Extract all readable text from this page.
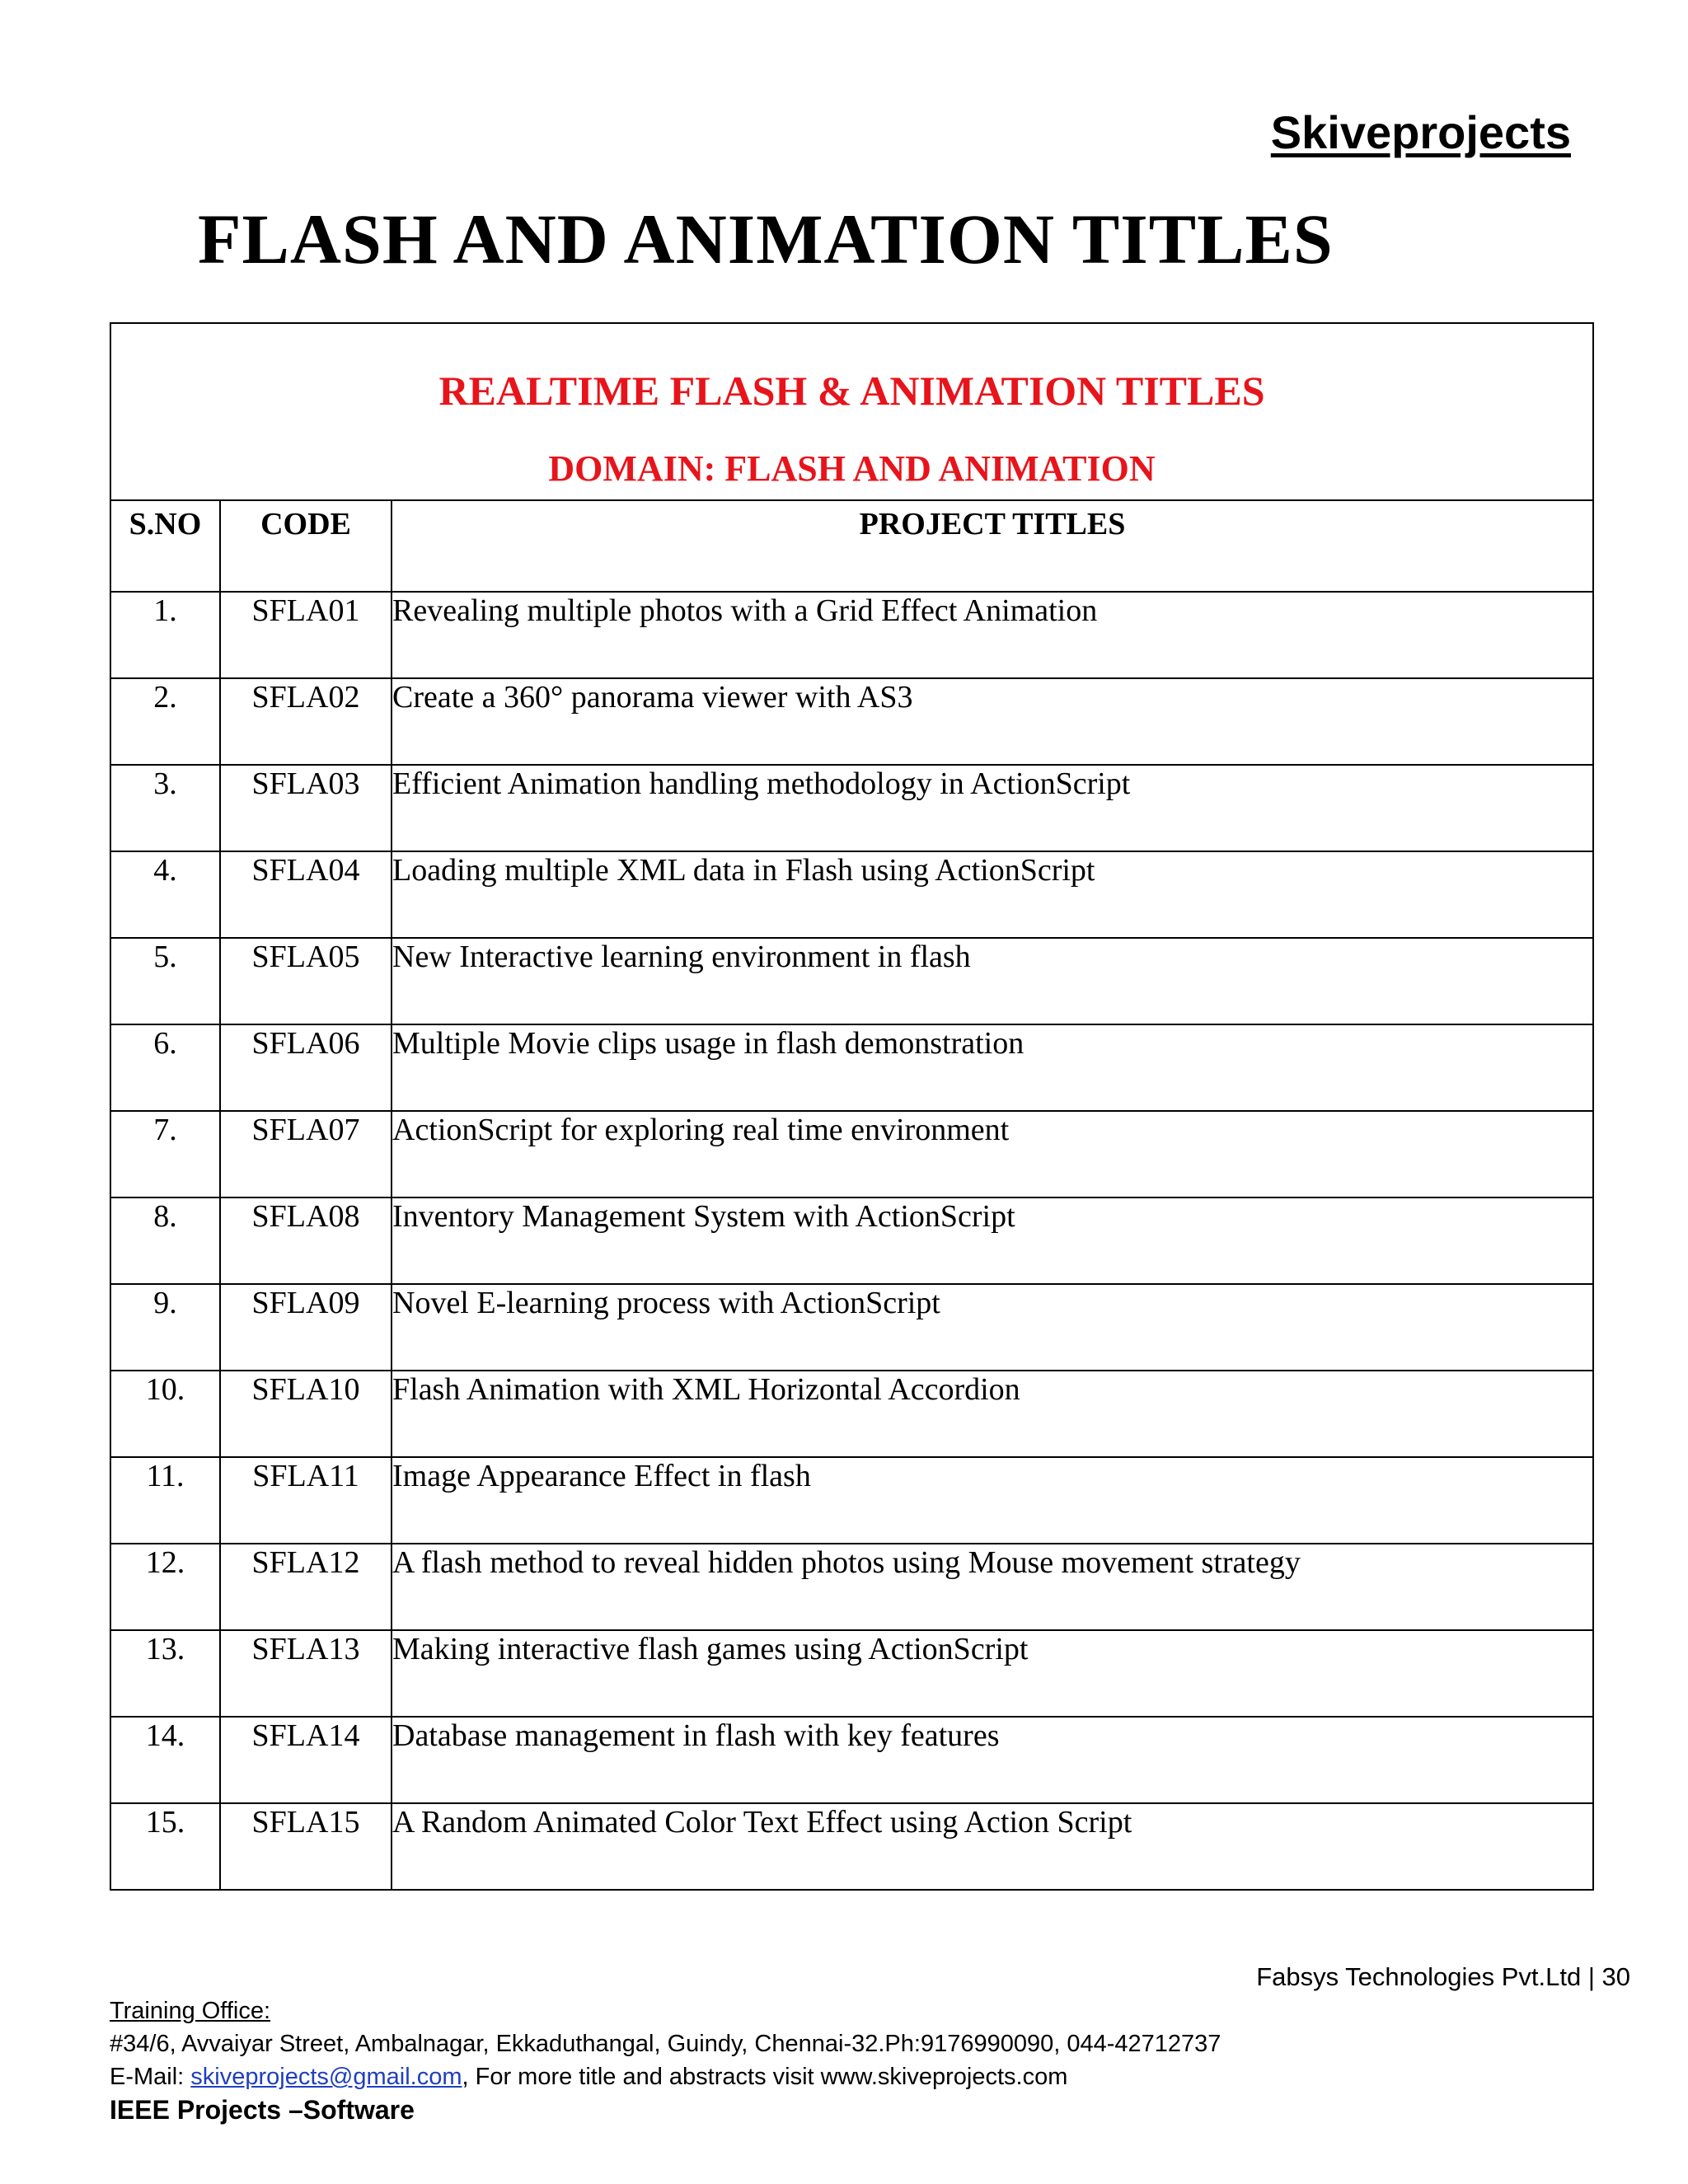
Skiveprojects
FLASH AND ANIMATION TITLES
REALTIME FLASH & ANIMATION TITLES
DOMAIN: FLASH AND ANIMATION		

S.NO	CODE	PROJECT TITLES
1.	SFLA01	Revealing multiple photos with a Grid Effect Animation
2.	SFLA02	Create a 360° panorama viewer with AS3
3.	SFLA03	Efficient Animation handling methodology in ActionScript
4.	SFLA04	Loading multiple XML data in Flash using ActionScript
5.	SFLA05	New Interactive learning environment in flash
6.	SFLA06	Multiple Movie clips usage in flash demonstration
7.	SFLA07	ActionScript for exploring real time environment
8.	SFLA08	Inventory Management System with ActionScript
9.	SFLA09	Novel E-learning process with ActionScript
10.	SFLA10	Flash Animation with XML Horizontal Accordion
11.	SFLA11	Image Appearance Effect in flash
12.	SFLA12	A flash method to reveal hidden photos using Mouse movement strategy
13.	SFLA13	Making interactive flash games using ActionScript
14.	SFLA14	Database management in flash with key features
15.	SFLA15	A Random Animated Color Text Effect using Action Script
Fabsys Technologies Pvt.Ltd | 30
Training Office:
#34/6, Avvaiyar Street, Ambalnagar, Ekkaduthangal, Guindy, Chennai-32.Ph:9176990090, 044-42712737
E-Mail: skiveprojects@gmail.com, For more title and abstracts visit www.skiveprojects.com
IEEE Projects –Software
